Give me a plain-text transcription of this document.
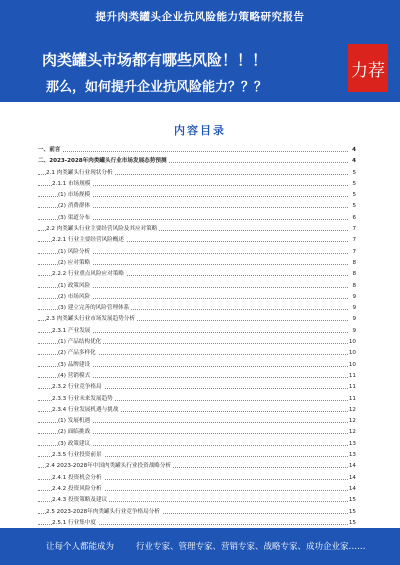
提升肉类罐头企业抗风险能力策略研究报告
肉类罐头市场都有哪些风险！！！
那么，如何提升企业抗风险能力？？？
力荐
内容目录
一、前言	4
二、2023-2028年肉类罐头行业市场发展态势预测	4
2.1 肉类罐头行业现状分析	5
2.1.1 市场规模	5
(1) 市场规模	5
(2) 消费群体	5
(3) 渠道分布	6
2.2 肉类罐头行业主要经营风险及其应对策略	7
2.2.1 行业主要经营风险概述	7
(1) 风险分析	7
(2) 应对策略	8
2.2.2 行业重点风险应对策略	8
(1) 政策风险	8
(2) 市场风险	9
(3) 建立完善的风险管理体系	9
2.3 肉类罐头行业市场发展趋势分析	9
2.3.1 产业发展	9
(1) 产品结构优化	10
(2) 产品多样化	10
(3) 品牌建设	10
(4) 营销模式	11
2.3.2 行业竞争格局	11
2.3.3 行业未来发展趋势	11
2.3.4 行业发展机遇与挑战	12
(1) 发展机遇	12
(2) 面临挑战	12
(3) 政策建议	13
2.3.5 行业投资前景	13
2.4 2023-2028年中国肉类罐头行业投资战略分析	14
2.4.1 投资机会分析	14
2.4.2 投资风险分析	14
2.4.3 投资策略及建议	15
2.5 2023-2028年肉类罐头行业竞争格局分析	15
2.5.1 行业集中度	15
让每个人都能成为	行业专家、管理专家、营销专家、战略专家、成功企业家……
